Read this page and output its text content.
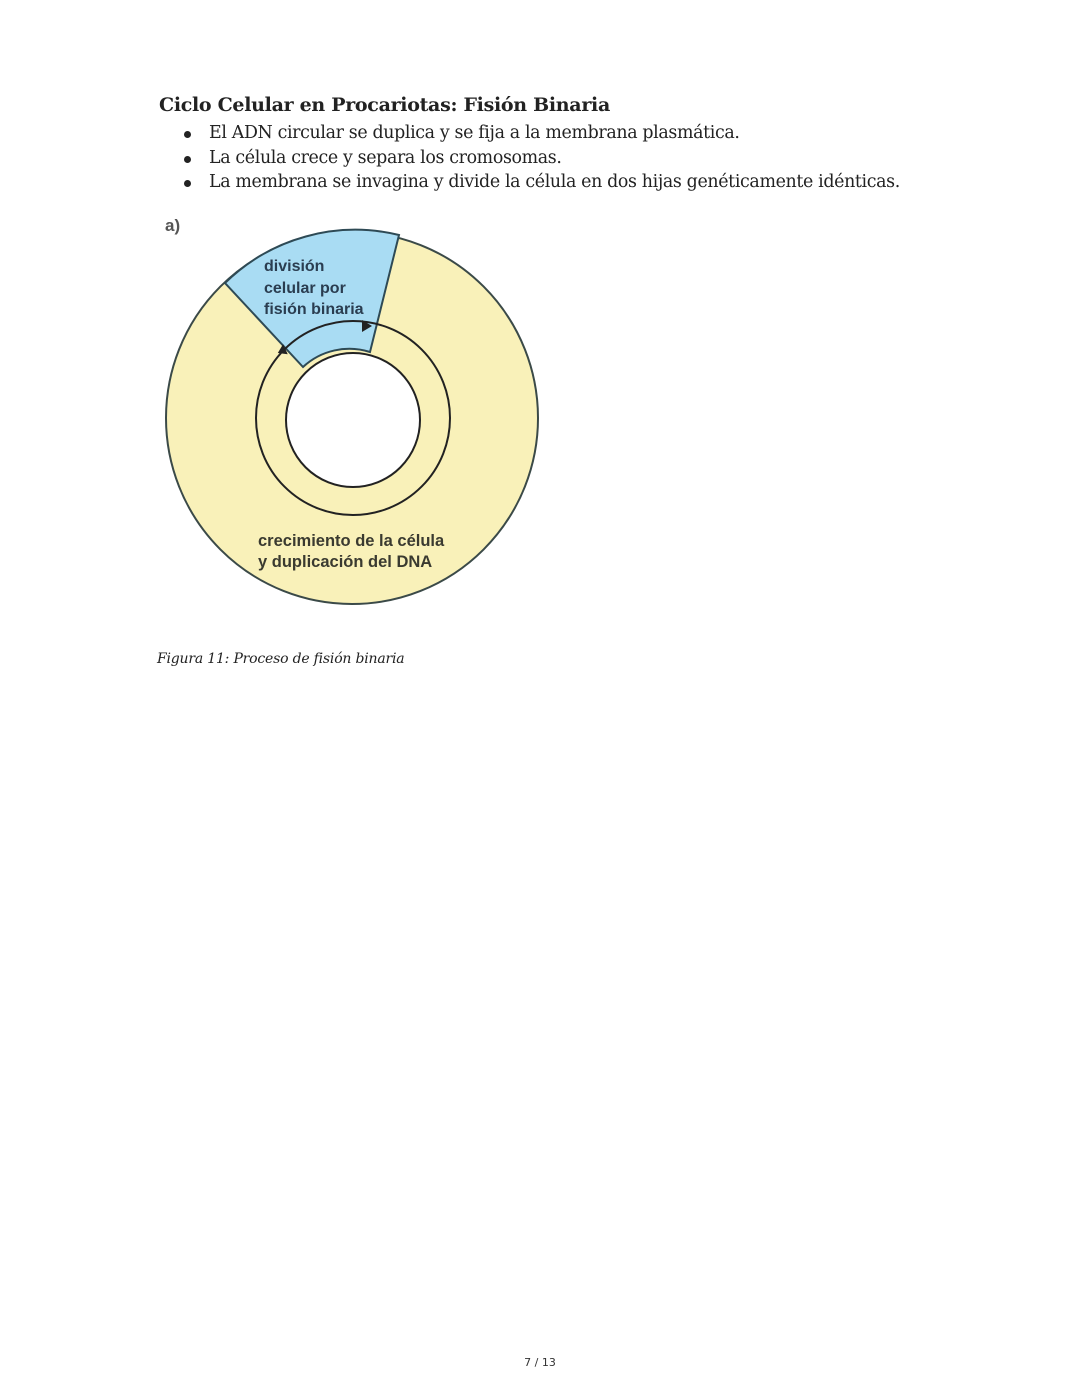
Ciclo Celular en Procariotas: Fisión Binaria
El ADN circular se duplica y se fija a la membrana plasmática.
La célula crece y separa los cromosomas.
La membrana se invagina y divide la célula en dos hijas genéticamente idénticas.
a)
división
celular por
fisión binaria
crecimiento de la célula
y duplicación del DNA
Figura 11: Proceso de fisión binaria
7 / 13
